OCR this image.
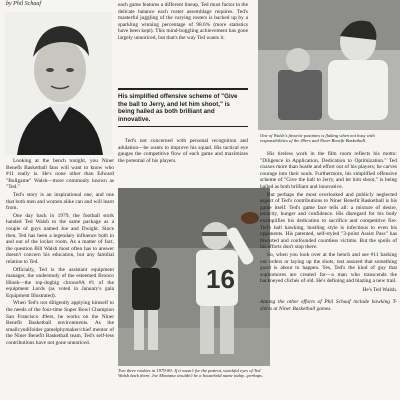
by Phil Schaaf

Looking at the bench tonight, you Niner Benefit Basketball fans will want to know who #11 really is. He's none other than Edward "Bullgame" Walsh—more commonly known as "Ted."

Ted's story is an inspirational one, and one that both men and women alike can and will learn from.

One day back in 1979, the football stork handed Ted Walsh to the same package as a couple of guys named Joe and Dwight. Since then, Ted has been a legendary influence both in and out of the locker room. As a matter of fact, the question Bill Walsh most often has to answer doesn't concern his education, but any familial relation to Ted.

Officially, Ted is the assistant equipment manager, the understudy of the esteemed Bronco Hinek—the top-dogbig chrono#A #1 of the equipment Lords (as voted in January's gala Equipment Illustrated).

When Ted's not diligently applying himself to the needs of the four-time Super Bowl Champion San Francisco 49ers, he works on the Niner Benefit Basketball environments. As the smallcyndifolder gamelphymaker/chief mentor of the Niner Benefit Basketball team, Ted's self-less contributions have not gone unnoticed.

each game features a different lineup, Ted must factor in the delicate balance each roster assemblage requires. Ted's masterful juggling of the varying rosters is backed up by a sparkling winning percentage of 98.6% (more statistics have been kept). This mind-boggling achievement has gone largely unnoticed, but that's the way Ted wants it.

His simplified offensive scheme of "Give the ball to Jerry, and let him shoot," is being hailed as both brilliant and innovative.

Ted's not concerned with personal recognition and adulation—he wants to improve his squad. His tactical eye gauges the competitive flow of each game and maximizes the potential of his players.

16
Two three rookies in 1979-80: If it wasn't for the patient, watchful eyes of Ted Walsh back there, Joe Montana wouldn't be a household name today...perhaps.
One of Walsh's favorite pastimes is flaking when not busy with responsibilities of the 49ers and Niner Benefit Basketball.

His tireless work in the film room reflects his motto: "Diligence in Application, Dedication to Optimization." Ted coaxes more than hustle and effort out of his players; he carves courage into their souls. Furthermore, his simplified offensive scheme of "Give the ball to Jerry, and let him shoot," is being hailed as both brilliant and innovative.

But perhaps the most overlooked and publicly neglected aspect of Ted's contributions to Niner Benefit Basketball is his game itself. Ted's game face tells all: a mixture of desire, tenacity, hunger and confidence. His disregard for his body exemplifies his dedication to sacrifice and competitive fire. Ted's ball hawking, hustling style is infectious to even his opponents. His patented, self-styled "3-point Assist Pass" has thwarted and confounded countless victims. But the spoils of his efforts don't stop there.

So, when you look over at the bench and see #11 barking out orders or laying up the shots, rest assured that something good is about to happen. Yes, Ted's the kind of guy that sophomores are created for—a man who transcends the hackneyed clichés of old. He's defining and blazing a new trail.

He's Ted Walsh.
Among the other efforts of Phil Schaaf include hawking T-shirts at Niner Basketball games.
